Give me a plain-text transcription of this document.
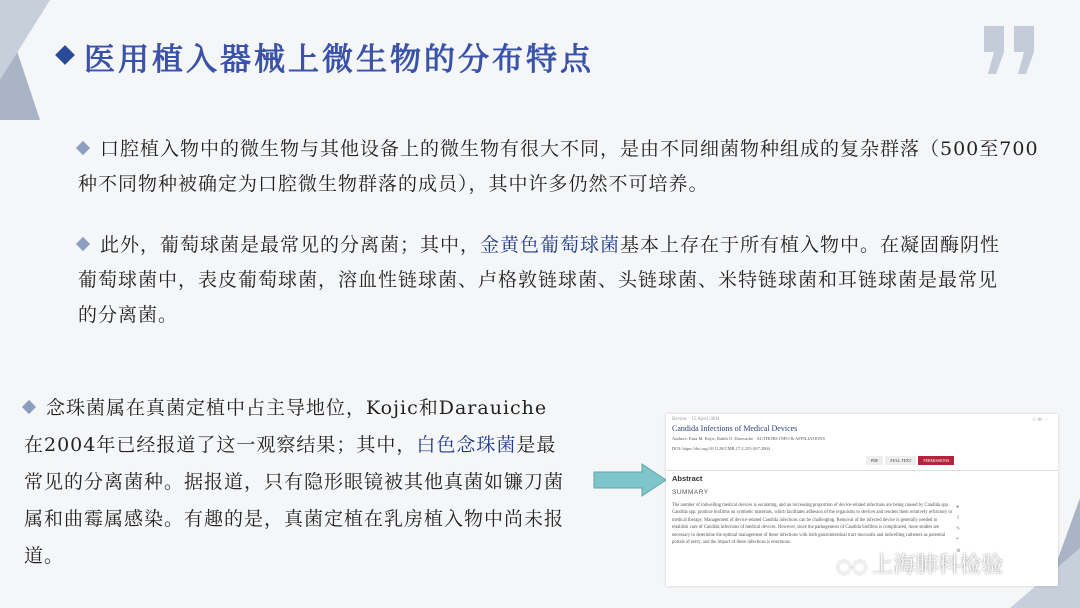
医用植入器械上微生物的分布特点
口腔植入物中的微生物与其他设备上的微生物有很大不同，是由不同细菌物种组成的复杂群落（500至700种不同物种被确定为口腔微生物群落的成员），其中许多仍然不可培养。
此外，葡萄球菌是最常见的分离菌；其中，金黄色葡萄球菌基本上存在于所有植入物中。在凝固酶阴性葡萄球菌中，表皮葡萄球菌，溶血性链球菌、卢格敦链球菌、头链球菌、米特链球菌和耳链球菌是最常见的分离菌。
念珠菌属在真菌定植中占主导地位，Kojic和Darauiche在2004年已经报道了这一观察结果；其中，白色念珠菌是最常见的分离菌种。据报道，只有隐形眼镜被其他真菌如镰刀菌属和曲霉属感染。有趣的是，真菌定植在乳房植入物中尚未报道。
Review · 15 April 2004	☆ ✉ ⋯
Candida Infections of Medical Devices
Authors: Erna M. Kojic, Rabih O. Darouiche · AUTHORS INFO & AFFILIATIONS
DOI: https://doi.org/10.1128/CMR.17.2.255-267.2004
PDF	FULL TEXT	PERMISSIONS
Abstract
SUMMARY
The number of indwelling medical devices is escalating, and an increasing proportion of device-related infections are being caused by Candida spp. Candida spp. produce biofilms on synthetic materials, which facilitates adhesion of the organisms to devices and renders them relatively refractory to medical therapy. Management of device-related Candida infections can be challenging. Removal of the infected device is generally needed to establish cure of Candida infections of medical devices. However, since the pathogenesis of Candida biofilms is complicated, more studies are necessary to determine the optimal management of these infections with both gastrointestinal tract mucositis and indwelling catheters as potential portals of entry, and the impact of these infections is enormous.
●
⇩
✎
❝
⚙
◌◌ 上海肺科检验
